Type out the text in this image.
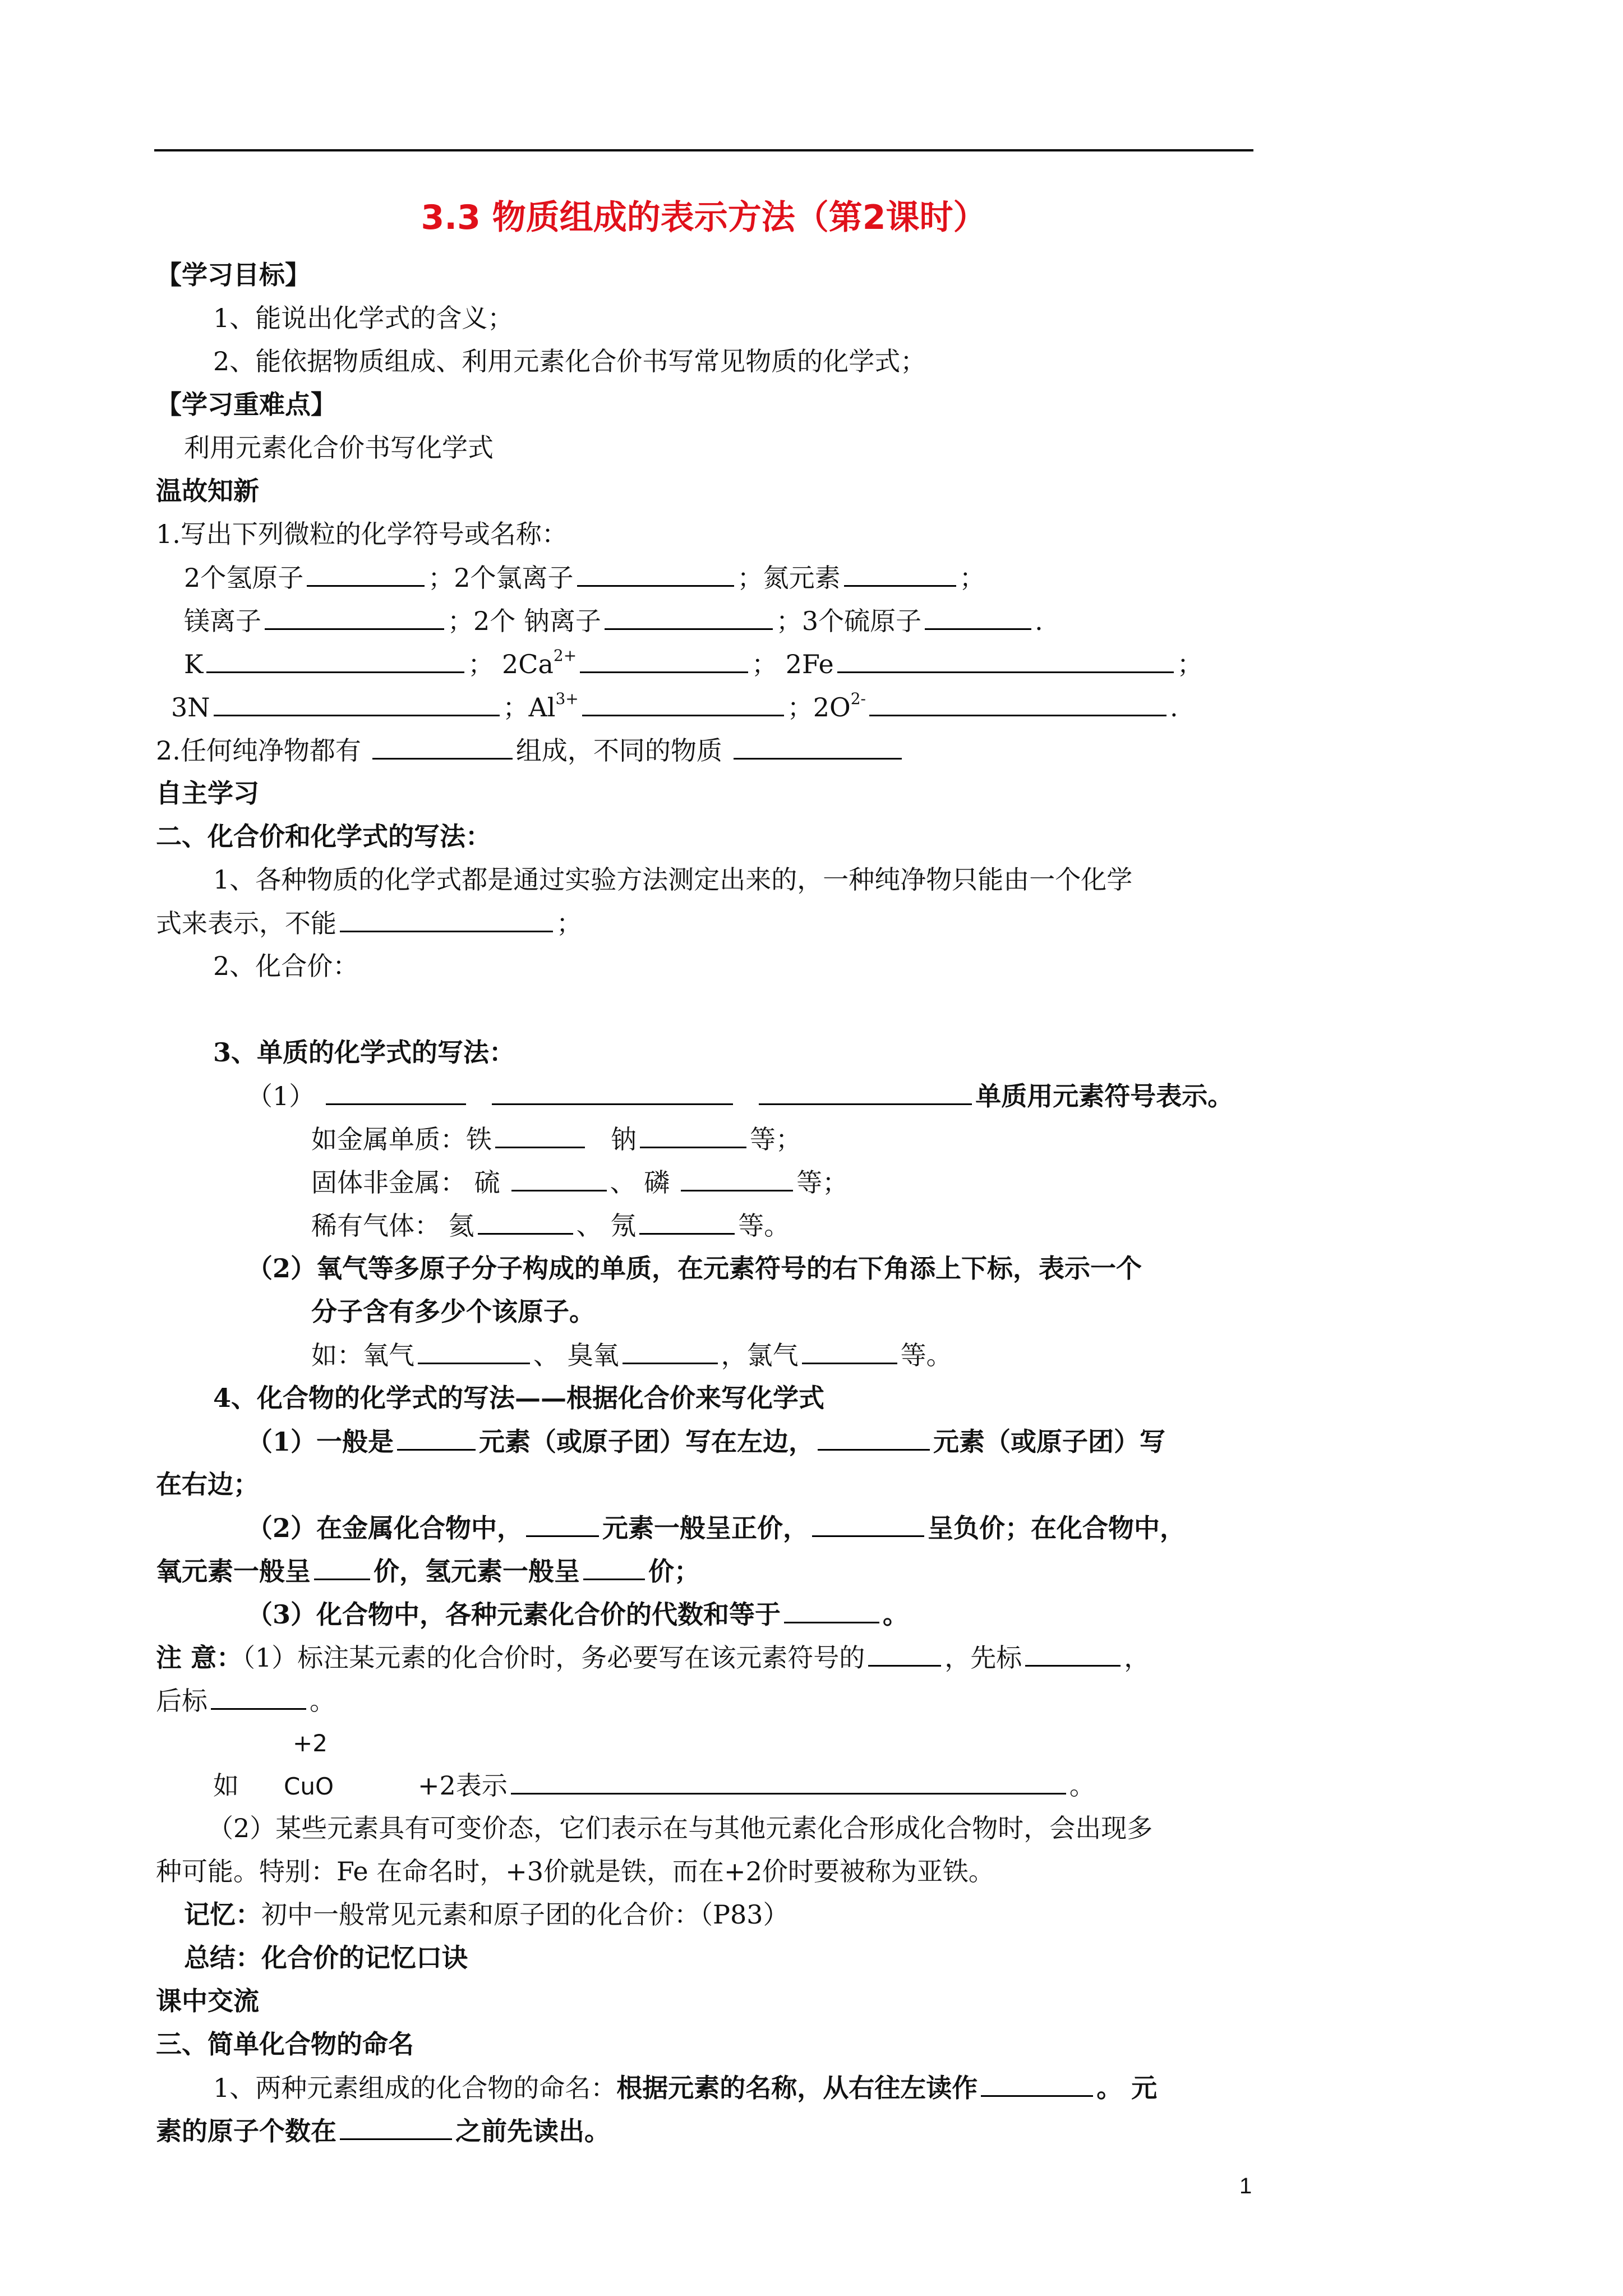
3.3 物质组成的表示方法（第2课时）
【学习目标】
1、能说出化学式的含义；
2、能依据物质组成、利用元素化合价书写常见物质的化学式；
【学习重难点】
利用元素化合价书写化学式
温故知新
1.写出下列微粒的化学符号或名称：
2个氢原子	；2个氯离子	；氮元素	；
镁离子	；2个 钠离子	；3个硫原子	.
K	； $2Ca^{2+}$	； 2Fe	；
3N	；$Al^{3+}$	；$2O^{2-}$	.
2.任何纯净物都有	组成，不同的物质
自主学习
二、化合价和化学式的写法：
1、各种物质的化学式都是通过实验方法测定出来的，一种纯净物只能由一个化学
式来表示，不能	；
2、化合价：
3、单质的化学式的写法：
（1）	单质用元素符号表示。
如金属单质：铁	钠	等；
固体非金属： 硫	、 磷	等；
稀有气体： 氦	、 氖	等。
（2）氧气等多原子分子构成的单质，在元素符号的右下角添上下标，表示一个
分子含有多少个该原子。
如：氧气	、 臭氧	，氯气	等。
4、化合物的化学式的写法——根据化合价来写化学式
（1）一般是	元素（或原子团）写在左边，	元素（或原子团）写
在右边；
（2）在金属化合物中，	元素一般呈正价，	呈负价；在化合物中，
氧元素一般呈 价，氢元素一般呈	价；
（3）化合物中，各种元素化合价的代数和等于	。
注 意：（1）标注某元素的化合价时，务必要写在该元素符号的	，先标	，
后标	。
+2
如 CuO	+2表示	。
（2）某些元素具有可变价态，它们表示在与其他元素化合形成化合物时，会出现多
种可能。特别：Fe 在命名时，+3价就是铁，而在+2价时要被称为亚铁。
记忆：初中一般常见元素和原子团的化合价：（P83）
总结：化合价的记忆口诀
课中交流
三、简单化合物的命名
1、两种元素组成的化合物的命名：根据元素的名称，从右往左读作	。 元
素的原子个数在	之前先读出。
1
